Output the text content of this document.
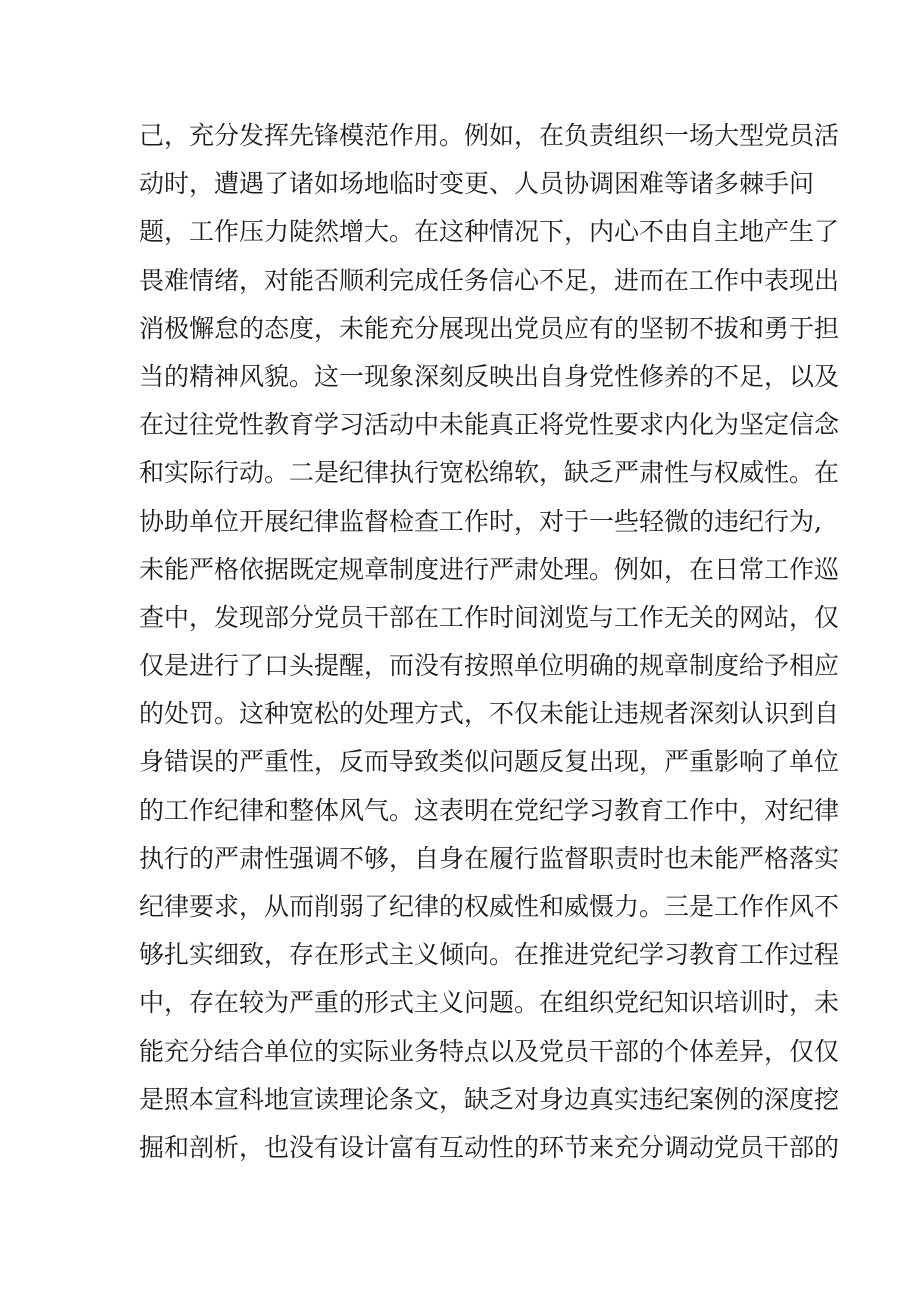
己，充分发挥先锋模范作用。例如，在负责组织一场大型党员活
动时，遭遇了诸如场地临时变更、人员协调困难等诸多棘手问
题，工作压力陡然增大。在这种情况下，内心不由自主地产生了
畏难情绪，对能否顺利完成任务信心不足，进而在工作中表现出
消极懈怠的态度，未能充分展现出党员应有的坚韧不拔和勇于担
当的精神风貌。这一现象深刻反映出自身党性修养的不足，以及
在过往党性教育学习活动中未能真正将党性要求内化为坚定信念
和实际行动。二是纪律执行宽松绵软，缺乏严肃性与权威性。在
协助单位开展纪律监督检查工作时，对于一些轻微的违纪行为,
未能严格依据既定规章制度进行严肃处理。例如，在日常工作巡
查中，发现部分党员干部在工作时间浏览与工作无关的网站，仅
仅是进行了口头提醒，而没有按照单位明确的规章制度给予相应
的处罚。这种宽松的处理方式，不仅未能让违规者深刻认识到自
身错误的严重性，反而导致类似问题反复出现，严重影响了单位
的工作纪律和整体风气。这表明在党纪学习教育工作中，对纪律
执行的严肃性强调不够，自身在履行监督职责时也未能严格落实
纪律要求，从而削弱了纪律的权威性和威慑力。三是工作作风不
够扎实细致，存在形式主义倾向。在推进党纪学习教育工作过程
中，存在较为严重的形式主义问题。在组织党纪知识培训时，未
能充分结合单位的实际业务特点以及党员干部的个体差异，仅仅
是照本宣科地宣读理论条文，缺乏对身边真实违纪案例的深度挖
掘和剖析，也没有设计富有互动性的环节来充分调动党员干部的
